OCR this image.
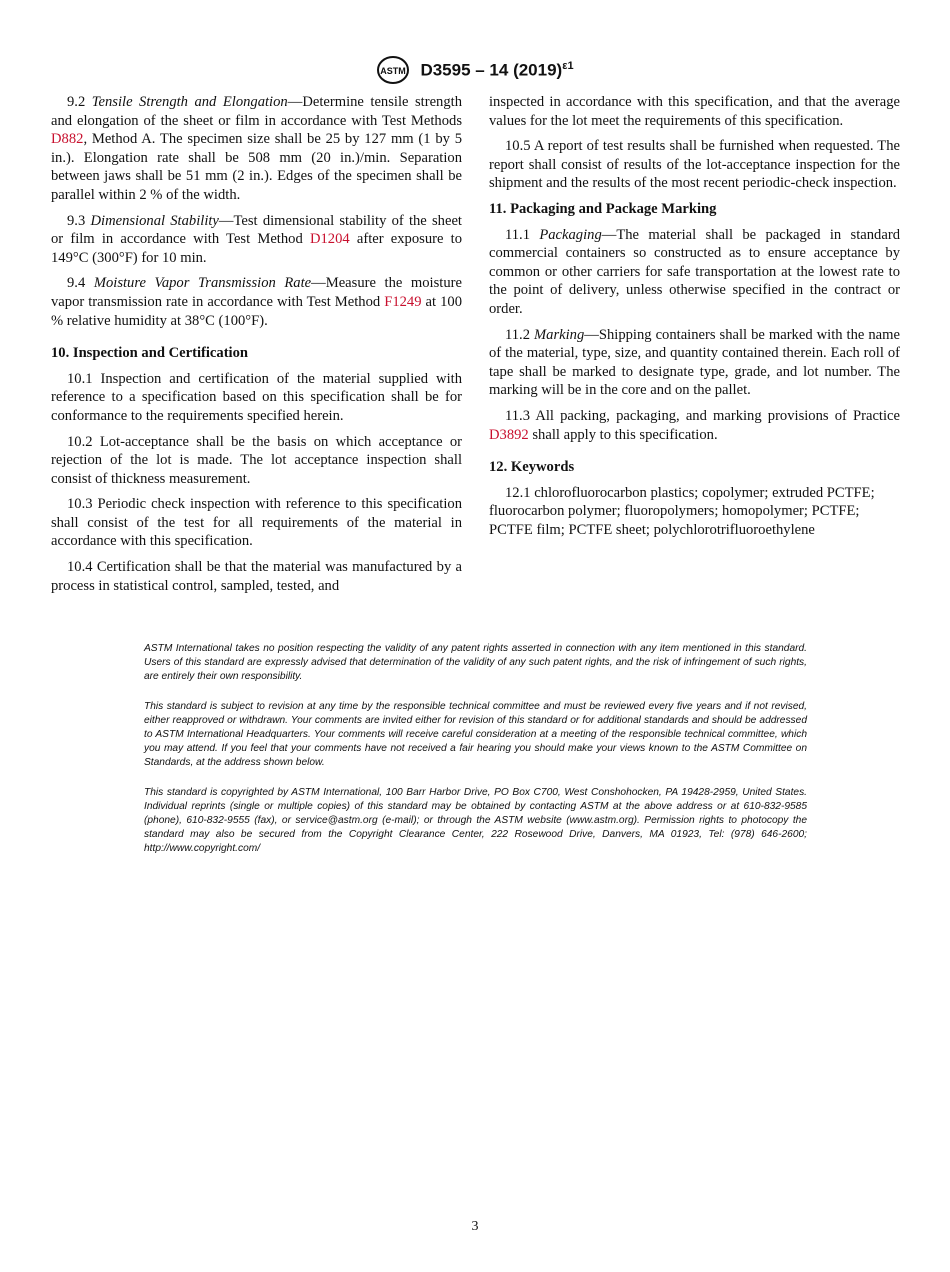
ASTM D3595 – 14 $(2019)^{\varepsilon 1}$

9.2 Tensile Strength and Elongation—Determine tensile strength and elongation of the sheet or film in accordance with Test Methods D882, Method A. The specimen size shall be 25 by 127 mm (1 by 5 in.). Elongation rate shall be 508 mm (20 in.)/min. Separation between jaws shall be 51 mm (2 in.). Edges of the specimen shall be parallel within 2 % of the width.

9.3 Dimensional Stability—Test dimensional stability of the sheet or film in accordance with Test Method D1204 after exposure to 149°C (300°F) for 10 min.

9.4 Moisture Vapor Transmission Rate—Measure the moisture vapor transmission rate in accordance with Test Method F1249 at 100 % relative humidity at 38°C (100°F).

10. Inspection and Certification

10.1 Inspection and certification of the material supplied with reference to a specification based on this specification shall be for conformance to the requirements specified herein.

10.2 Lot-acceptance shall be the basis on which acceptance or rejection of the lot is made. The lot acceptance inspection shall consist of thickness measurement.

10.3 Periodic check inspection with reference to this specification shall consist of the test for all requirements of the material in accordance with this specification.

10.4 Certification shall be that the material was manufactured by a process in statistical control, sampled, tested, and

inspected in accordance with this specification, and that the average values for the lot meet the requirements of this specification.

10.5 A report of test results shall be furnished when requested. The report shall consist of results of the lot-acceptance inspection for the shipment and the results of the most recent periodic-check inspection.

11. Packaging and Package Marking

11.1 Packaging—The material shall be packaged in standard commercial containers so constructed as to ensure acceptance by common or other carriers for safe transportation at the lowest rate to the point of delivery, unless otherwise specified in the contract or order.

11.2 Marking—Shipping containers shall be marked with the name of the material, type, size, and quantity contained therein. Each roll of tape shall be marked to designate type, grade, and lot number. The marking will be in the core and on the pallet.

11.3 All packing, packaging, and marking provisions of Practice D3892 shall apply to this specification.

12. Keywords

12.1 chlorofluorocarbon plastics; copolymer; extruded PCTFE; fluorocarbon polymer; fluoropolymers; homopolymer; PCTFE; PCTFE film; PCTFE sheet; polychlorotrifluoroethylene

ASTM International takes no position respecting the validity of any patent rights asserted in connection with any item mentioned in this standard. Users of this standard are expressly advised that determination of the validity of any such patent rights, and the risk of infringement of such rights, are entirely their own responsibility.

This standard is subject to revision at any time by the responsible technical committee and must be reviewed every five years and if not revised, either reapproved or withdrawn. Your comments are invited either for revision of this standard or for additional standards and should be addressed to ASTM International Headquarters. Your comments will receive careful consideration at a meeting of the responsible technical committee, which you may attend. If you feel that your comments have not received a fair hearing you should make your views known to the ASTM Committee on Standards, at the address shown below.

This standard is copyrighted by ASTM International, 100 Barr Harbor Drive, PO Box C700, West Conshohocken, PA 19428-2959, United States. Individual reprints (single or multiple copies) of this standard may be obtained by contacting ASTM at the above address or at 610-832-9585 (phone), 610-832-9555 (fax), or service@astm.org (e-mail); or through the ASTM website (www.astm.org). Permission rights to photocopy the standard may also be secured from the Copyright Clearance Center, 222 Rosewood Drive, Danvers, MA 01923, Tel: (978) 646-2600; http://www.copyright.com/

3
